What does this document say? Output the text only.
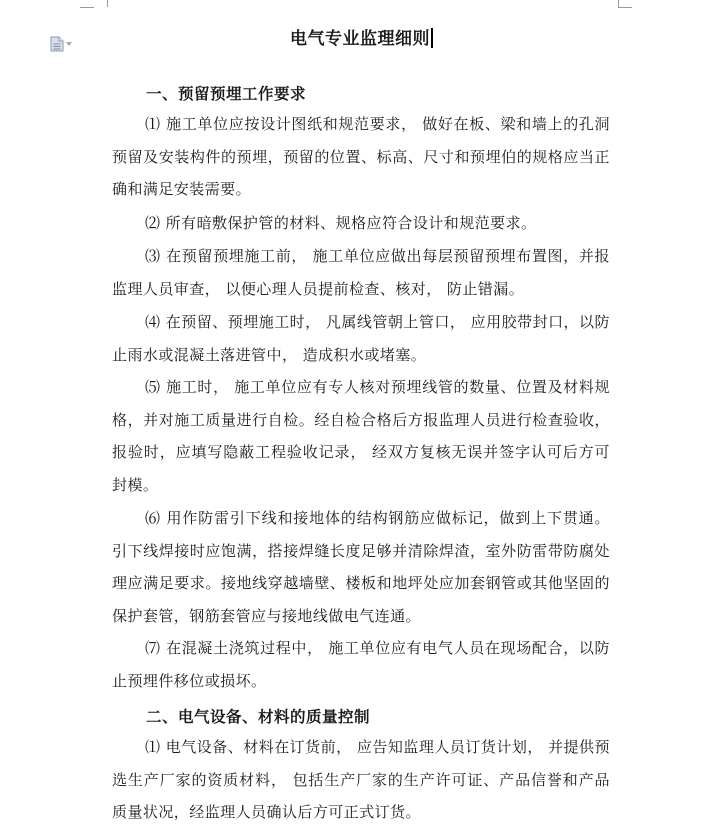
电气专业监理细则
一、预留预埋工作要求
⑴ 施工单位应按设计图纸和规范要求， 做好在板、梁和墙上的孔洞预留及安装构件的预埋，预留的位置、标高、尺寸和预埋伯的规格应当正确和满足安装需要。
⑵ 所有暗敷保护管的材料、规格应符合设计和规范要求。
⑶ 在预留预埋施工前， 施工单位应做出每层预留预埋布置图，并报监理人员审查， 以便心理人员提前检查、核对， 防止错漏。
⑷ 在预留、预埋施工时， 凡属线管朝上管口， 应用胶带封口，以防止雨水或混凝土落进管中， 造成积水或堵塞。
⑸ 施工时， 施工单位应有专人核对预埋线管的数量、位置及材料规格，并对施工质量进行自检。经自检合格后方报监理人员进行检查验收， 报验时，应填写隐蔽工程验收记录， 经双方复核无误并签字认可后方可封模。
⑹ 用作防雷引下线和接地体的结构钢筋应做标记，做到上下贯通。引下线焊接时应饱满，搭接焊缝长度足够并清除焊渣，室外防雷带防腐处理应满足要求。接地线穿越墙壁、楼板和地坪处应加套钢管或其他坚固的保护套管，钢筋套管应与接地线做电气连通。
⑺ 在混凝土浇筑过程中， 施工单位应有电气人员在现场配合，以防止预埋件移位或损坏。
二、电气设备、材料的质量控制
⑴ 电气设备、材料在订货前， 应告知监理人员订货计划， 并提供预选生产厂家的资质材料， 包括生产厂家的生产许可证、产品信誉和产品质量状况，经监理人员确认后方可正式订货。
